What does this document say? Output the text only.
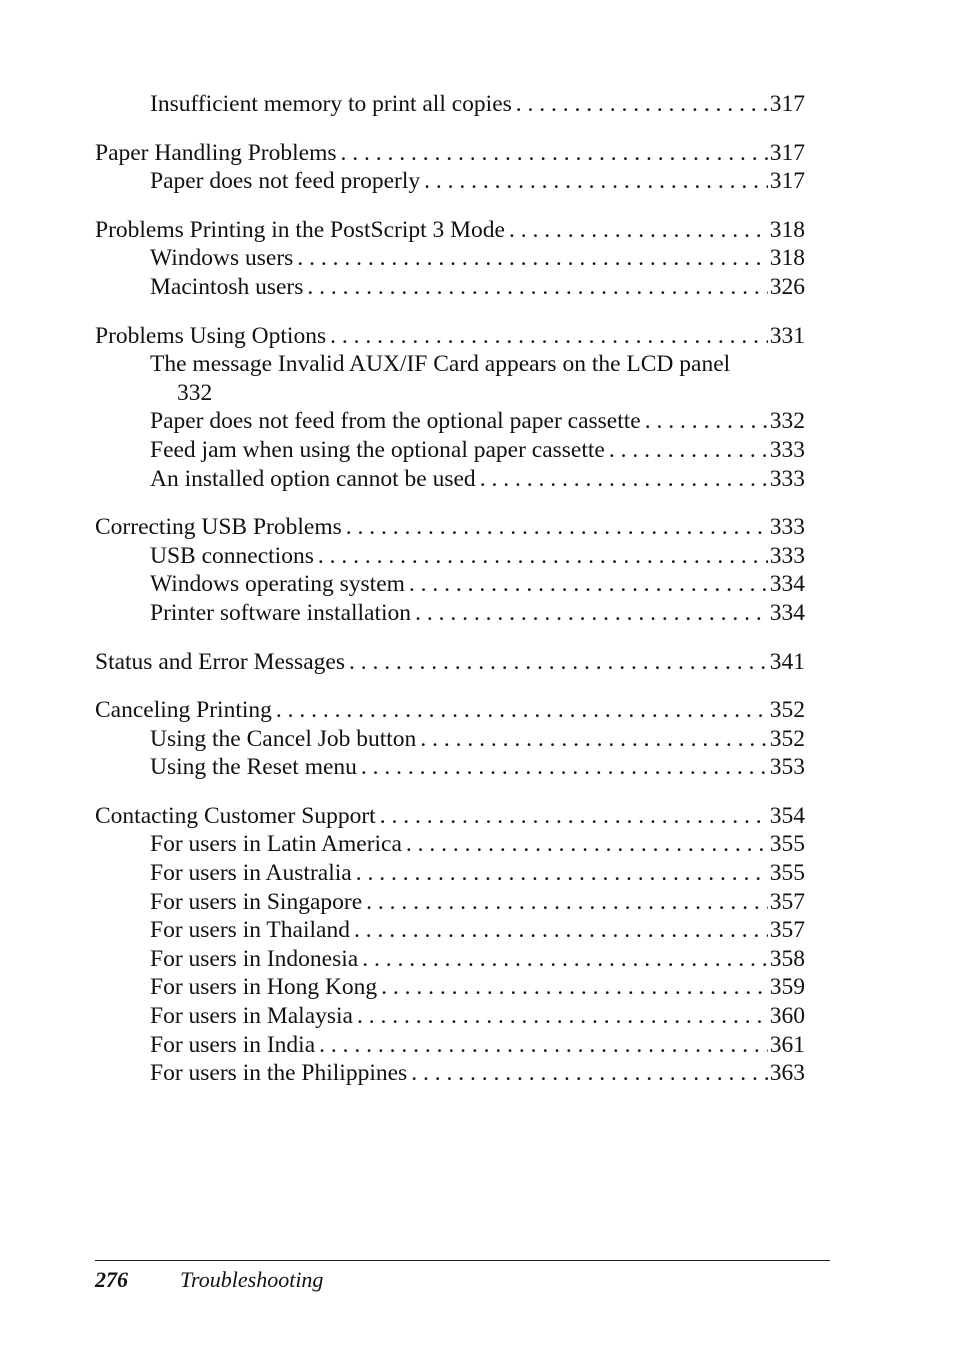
Insufficient memory to print all copies . . .	317
Paper Handling Problems . . .	317
Paper does not feed properly . . .	317
Problems Printing in the PostScript 3 Mode . . .	318
Windows users . . .	318
Macintosh users . . .	326
Problems Using Options . . .	331
The message Invalid AUX/IF Card appears on the LCD panel
332
Paper does not feed from the optional paper cassette . . .	332
Feed jam when using the optional paper cassette . . .	333
An installed option cannot be used . . .	333
Correcting USB Problems . . .	333
USB connections . . .	333
Windows operating system . . .	334
Printer software installation . . .	334
Status and Error Messages . . .	341
Canceling Printing . . .	352
Using the Cancel Job button . . .	352
Using the Reset menu . . .	353
Contacting Customer Support . . .	354
For users in Latin America . . .	355
For users in Australia . . .	355
For users in Singapore . . .	357
For users in Thailand . . .	357
For users in Indonesia . . .	358
For users in Hong Kong . . .	359
For users in Malaysia . . .	360
For users in India . . .	361
For users in the Philippines . . .	363
276 Troubleshooting
